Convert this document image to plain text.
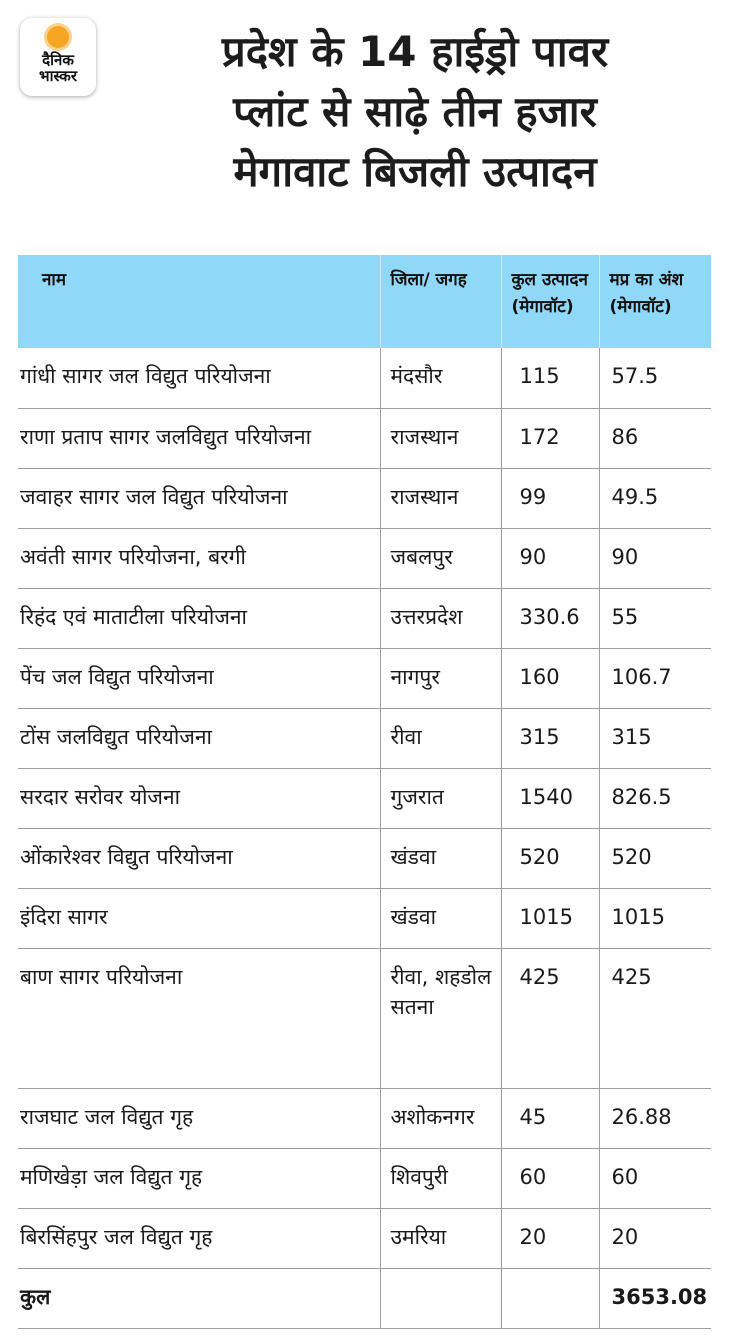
दैनिक
भास्कर	प्रदेश के 14 हाईड्रो पावर
प्लांट से साढ़े तीन हजार
मेगावाट बिजली उत्पादन
नाम	जिला/ जगह	कुल उत्पादन (मेगावॉट)	मप्र का अंश (मेगावॉट)
गांधी सागर जल विद्युत परियोजना	मंदसौर	115	57.5
राणा प्रताप सागर जलविद्युत परियोजना	राजस्थान	172	86
जवाहर सागर जल विद्युत परियोजना	राजस्थान	99	49.5
अवंती सागर परियोजना, बरगी	जबलपुर	90	90
रिहंद एवं माताटीला परियोजना	उत्तरप्रदेश	330.6	55
पेंच जल विद्युत परियोजना	नागपुर	160	106.7
टोंस जलविद्युत परियोजना	रीवा	315	315
सरदार सरोवर योजना	गुजरात	1540	826.5
ओंकारेश्वर विद्युत परियोजना	खंडवा	520	520
इंदिरा सागर	खंडवा	1015	1015
बाण सागर परियोजना	रीवा, शहडोल सतना	425	425
राजघाट जल विद्युत गृह	अशोकनगर	45	26.88
मणिखेड़ा जल विद्युत गृह	शिवपुरी	60	60
बिरसिंहपुर जल विद्युत गृह	उमरिया	20	20
कुल			3653.08
